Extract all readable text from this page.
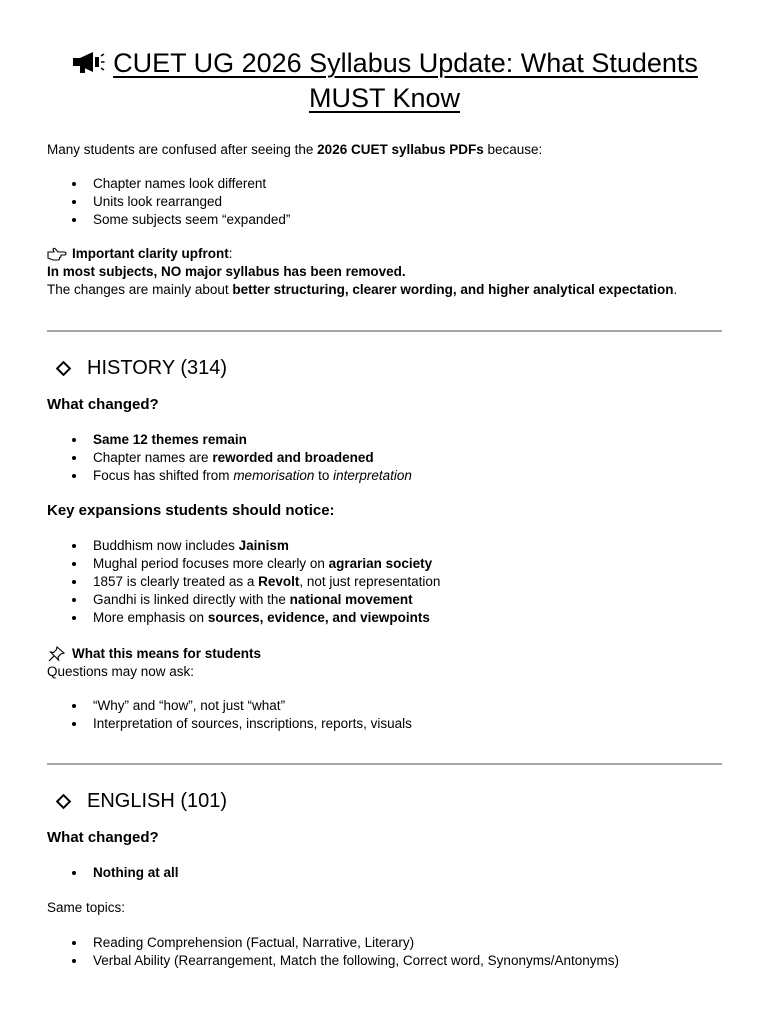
CUET UG 2026 Syllabus Update: What Students
MUST Know

Many students are confused after seeing the 2026 CUET syllabus PDFs because:

Chapter names look different
Units look rearranged
Some subjects seem “expanded”
Important clarity upfront :

In most subjects, NO major syllabus has been removed.

The changes are mainly about better structuring, clearer wording, and higher analytical expectation.

HISTORY (314)
What changed?
Same 12 themes remain
Chapter names are reworded and broadened
Focus has shifted from memorisation to interpretation
Key expansions students should notice:
Buddhism now includes Jainism
Mughal period focuses more clearly on agrarian society
1857 is clearly treated as a Revolt, not just representation
Gandhi is linked directly with the national movement
More emphasis on sources, evidence, and viewpoints
What this means for students

Questions may now ask:

“Why” and “how”, not just “what”
Interpretation of sources, inscriptions, reports, visuals
ENGLISH (101)
What changed?
Nothing at all

Same topics:

Reading Comprehension (Factual, Narrative, Literary)
Verbal Ability (Rearrangement, Match the following, Correct word, Synonyms/Antonyms)
